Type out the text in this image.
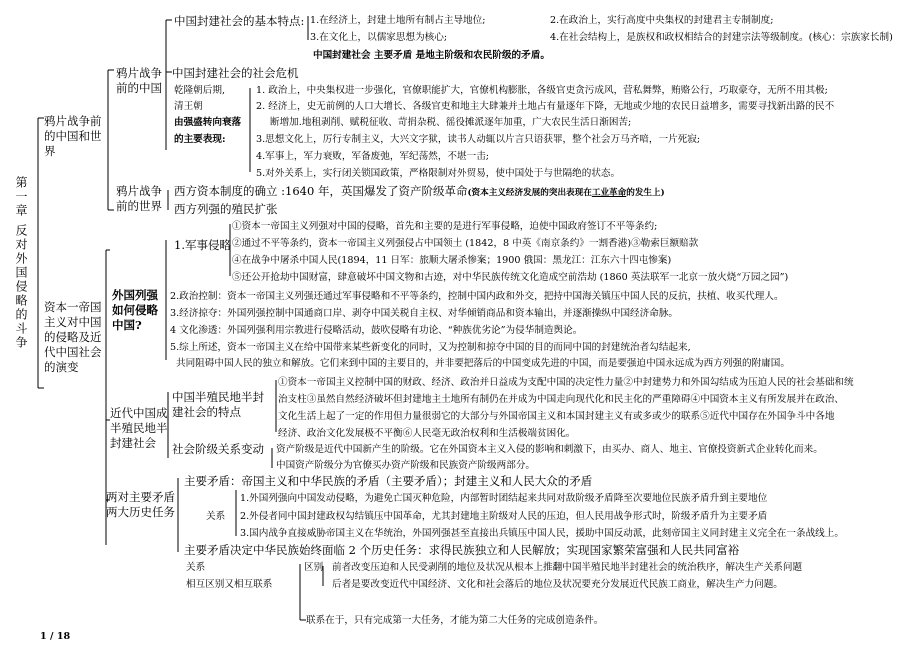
第一章 反对外国侵略的斗争
鸦片战争前的中国和世界
鸦片战争前的中国
鸦片战争前的世界
资本一帝国主义对中国的侵略及近代中国社会的演变
外国列强如何侵略中国?
近代中国成半殖民地半封建社会
中国半殖民地半封建社会的特点
社会阶级关系变动
两对主要矛盾两大历史任务
中国封建社会的基本特点: 1.在经济上，封建土地所有制占主导地位;	2.在政治上，实行高度中央集权的封建君主专制制度;
3.在文化上，以儒家思想为核心;	4.在社会结构上，是族权和政权相结合的封建宗法等级制度。(核心：宗族家长制)
中国封建社会 主要矛盾 是地主阶级和农民阶级的矛盾。
中国封建社会的社会危机
乾隆朝后期,
清王朝
由强盛转向衰落
的主要表现:
1. 政治上，中央集权进一步强化，官僚职能扩大，官僚机构膨胀，各级官吏贪污成风，营私舞弊，贿赂公行，巧取豪夺，无所不用其极;
2. 经济上，史无前例的人口大增长、各级官吏和地主大肆兼并土地占有量逐年下降，无地或少地的农民日益增多，需要寻找新出路的民不
断增加.地租剥削、赋税征收、苛捐杂税、徭役摊派逐年加重，广大农民生活日渐困苦;
3.思想文化上，厉行专制主义，大兴文字狱，读书人动辄以片言只语获罪，整个社会万马齐喑，一片死寂;
4.军事上，军力衰败，军备废弛，军纪荡然，不堪一击;
5.对外关系上，实行闭关锁国政策，严格限制对外贸易，使中国处于与世隔绝的状态。
西方资本制度的确立 :1640 年，英国爆发了资产阶级革命(资本主义经济发展的突出表现在工业革命的发生上)
西方列强的殖民扩张
1.军事侵略
①资本一帝国主义列强对中国的侵略，首先和主要的是进行军事侵略，迫使中国政府签订不平等条约;
②通过不平等条约，资本一帝国主义列强侵占中国领土 (1842，8 中英《南京条约》一割香港)③勒索巨额赔款
④在战争中屠杀中国人民(1894，11 日军：旅顺大屠杀惨案；1900 俄国：黑龙江：江东六十四屯惨案)
⑤还公开抢劫中国财富，肆意破坏中国文物和古迹，对中华民族传统文化造成空前浩劫 (1860 英法联军一北京一放火烧“万园之园”)
2.政治控制：资本一帝国主义列强还通过军事侵略和不平等条约，控制中国内政和外交，把持中国海关镇压中国人民的反抗，扶植、收买代理人。
3.经济掠夺：外国列强控制中国通商口岸、剥夺中国关税自主权、对华倾销商品和资本输出，并逐渐操纵中国经济命脉。
4 文化渗透：外国列强利用宗教进行侵略活动，鼓吹侵略有功论、“种族优劣论”为侵华制造舆论。
5.综上所述，资本一帝国主义在给中国带来某些新变化的同时，又为控制和掠夺中国的目的而同中国的封建统治者勾结起来,
共同阻碍中国人民的独立和解放。它们来到中国的主要目的，并非要把落后的中国变成先进的中国，而是要强迫中国永远成为西方列强的附庸国。
①资本一帝国主义控制中国的财政、经济、政治并日益成为支配中国的决定性力量②中封建势力和外国勾结成为压迫人民的社会基础和统
治支柱③虽然自然经济破坏但封建地主土地所有制仍在并成为中国走向现代化和民主化的严重障碍④中国资本主义有所发展并在政治、
文化生活上起了一定的作用但力量很弱它的大部分与外国帝国主义和本国封建主义有或多或少的联系⑤近代中国存在外国争斗中各地
经济、政治文化发展极不平衡⑥人民毫无政治权利和生活极端贫困化。
资产阶级是近代中国新产生的阶级。它在外国资本主义入侵的影响和刺激下，由买办、商人、地主、官僚投资新式企业转化而来。
中国资产阶级分为官僚买办资产阶级和民族资产阶级两部分。
主要矛盾：帝国主义和中华民族的矛盾（主要矛盾）；封建主义和人民大众的矛盾
关系
1.外国列强向中国发动侵略，为避免亡国灭种危险，内部暂时团结起来共同对敌阶级矛盾降至次要地位民族矛盾升到主要地位
2.外侵者同中国封建政权勾结镇压中国革命，尤其封建地主阶级对人民的压迫，但人民用战争形式时，阶级矛盾升为主要矛盾
3.国内战争直接威胁帝国主义在华统治，外国列强甚至直接出兵镇压中国人民，援助中国反动派，此刻帝国主义同封建主义完全在一条战线上。
主要矛盾决定中华民族始终面临 2 个历史任务：求得民族独立和人民解放；实现国家繁荣富强和人民共同富裕
关系
相互区别又相互联系
区别 前者改变压迫和人民受剥削的地位及状况从根本上推翻中国半殖民地半封建社会的统治秩序，解决生产关系问题
后者是要改变近代中国经济、文化和社会落后的地位及状况要充分发展近代民族工商业，解决生产力问题。
联系在于，只有完成第一大任务，才能为第二大任务的完成创造条件。
1 / 18
